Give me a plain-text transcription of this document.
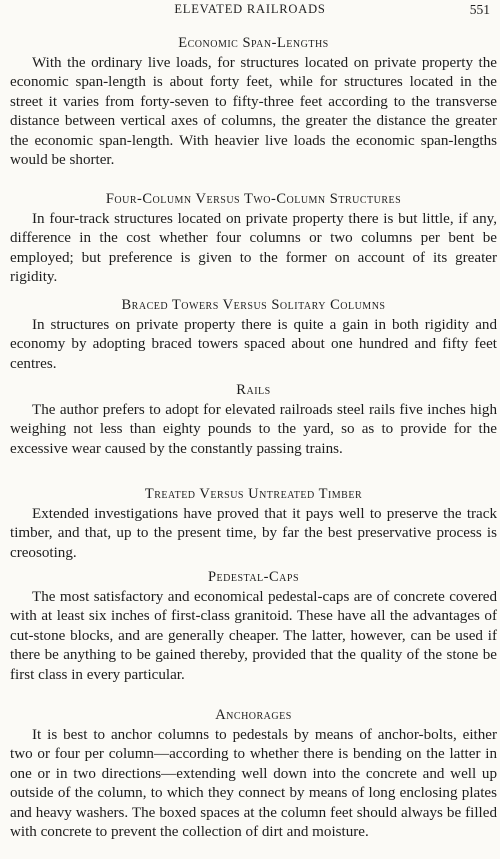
ELEVATED RAILROADS	551
Economic Span-Lengths

With the ordinary live loads, for structures located on private property the economic span-length is about forty feet, while for structures located in the street it varies from forty-seven to fifty-three feet according to the transverse distance between vertical axes of columns, the greater the distance the greater the economic span-length. With heavier live loads the economic span-lengths would be shorter.

Four-Column Versus Two-Column Structures

In four-track structures located on private property there is but little, if any, difference in the cost whether four columns or two columns per bent be employed; but preference is given to the former on account of its greater rigidity.

Braced Towers Versus Solitary Columns

In structures on private property there is quite a gain in both rigidity and economy by adopting braced towers spaced about one hundred and fifty feet centres.

Rails

The author prefers to adopt for elevated railroads steel rails five inches high weighing not less than eighty pounds to the yard, so as to provide for the excessive wear caused by the constantly passing trains.

Treated Versus Untreated Timber

Extended investigations have proved that it pays well to preserve the track timber, and that, up to the present time, by far the best preservative process is creosoting.

Pedestal-Caps

The most satisfactory and economical pedestal-caps are of concrete covered with at least six inches of first-class granitoid. These have all the advantages of cut-stone blocks, and are generally cheaper. The latter, however, can be used if there be anything to be gained thereby, provided that the quality of the stone be first class in every particular.

Anchorages

It is best to anchor columns to pedestals by means of anchor-bolts, either two or four per column—according to whether there is bending on the latter in one or in two directions—extending well down into the concrete and well up outside of the column, to which they connect by means of long enclosing plates and heavy washers. The boxed spaces at the column feet should always be filled with concrete to prevent the collection of dirt and moisture.
